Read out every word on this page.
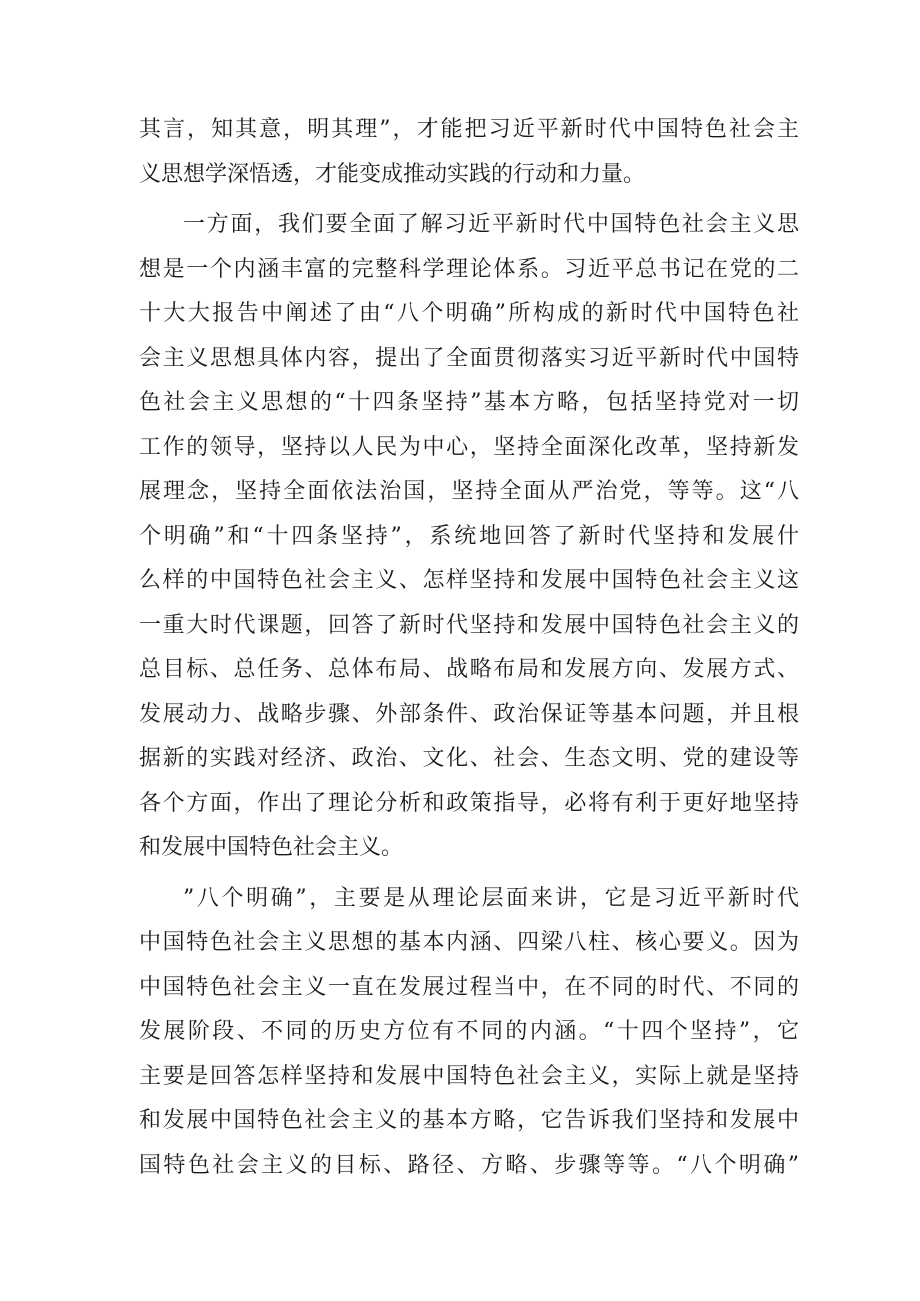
其言，知其意，明其理”，才能把习近平新时代中国特色社会主
义思想学深悟透，才能变成推动实践的行动和力量。
一方面，我们要全面了解习近平新时代中国特色社会主义思
想是一个内涵丰富的完整科学理论体系。习近平总书记在党的二
十大大报告中阐述了由“八个明确”所构成的新时代中国特色社
会主义思想具体内容，提出了全面贯彻落实习近平新时代中国特
色社会主义思想的“十四条坚持”基本方略，包括坚持党对一切
工作的领导，坚持以人民为中心，坚持全面深化改革，坚持新发
展理念，坚持全面依法治国，坚持全面从严治党，等等。这“八
个明确”和“十四条坚持”，系统地回答了新时代坚持和发展什
么样的中国特色社会主义、怎样坚持和发展中国特色社会主义这
一重大时代课题，回答了新时代坚持和发展中国特色社会主义的
总目标、总任务、总体布局、战略布局和发展方向、发展方式、
发展动力、战略步骤、外部条件、政治保证等基本问题，并且根
据新的实践对经济、政治、文化、社会、生态文明、党的建设等
各个方面，作出了理论分析和政策指导，必将有利于更好地坚持
和发展中国特色社会主义。
”八个明确”，主要是从理论层面来讲，它是习近平新时代
中国特色社会主义思想的基本内涵、四梁八柱、核心要义。因为
中国特色社会主义一直在发展过程当中，在不同的时代、不同的
发展阶段、不同的历史方位有不同的内涵。“十四个坚持”，它
主要是回答怎样坚持和发展中国特色社会主义，实际上就是坚持
和发展中国特色社会主义的基本方略，它告诉我们坚持和发展中
国特色社会主义的目标、路径、方略、步骤等等。“八个明确”
